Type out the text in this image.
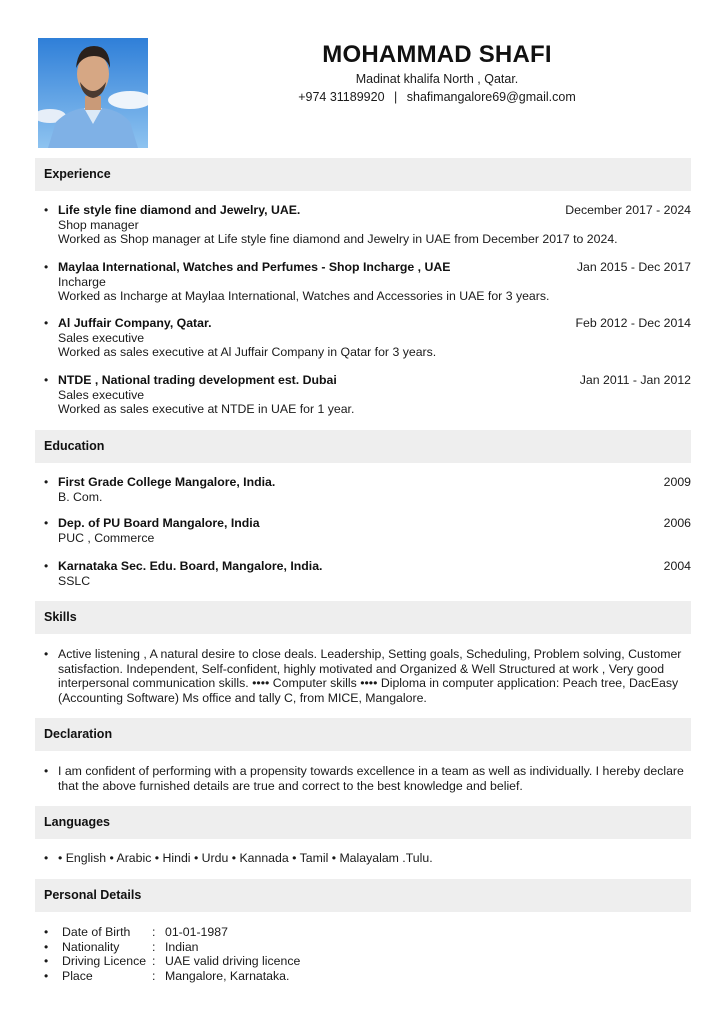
MOHAMMAD SHAFI
Madinat khalifa North , Qatar.
+974 31189920 | shafimangalore69@gmail.com
Experience
•
Life style fine diamond and Jewelry, UAE.
Shop manager
Worked as Shop manager at Life style fine diamond and Jewelry in UAE from December 2017 to 2024.
December 2017 - 2024
•
Maylaa International, Watches and Perfumes - Shop Incharge , UAE
Incharge
Worked as Incharge at Maylaa International, Watches and Accessories in UAE for 3 years.
Jan 2015 - Dec 2017
•
Al Juffair Company, Qatar.
Sales executive
Worked as sales executive at Al Juffair Company in Qatar for 3 years.
Feb 2012 - Dec 2014
•
NTDE , National trading development est. Dubai
Sales executive
Worked as sales executive at NTDE in UAE for 1 year.
Jan 2011 - Jan 2012
Education
•
First Grade College Mangalore, India.
B. Com.
2009
•
Dep. of PU Board Mangalore, India
PUC , Commerce
2006
•
Karnataka Sec. Edu. Board, Mangalore, India.
SSLC
2004
Skills
•
Active listening , A natural desire to close deals. Leadership, Setting goals, Scheduling, Problem solving, Customer satisfaction. Independent, Self-confident, highly motivated and Organized & Well Structured at work , Very good interpersonal communication skills. •••• Computer skills •••• Diploma in computer application: Peach tree, DacEasy (Accounting Software) Ms office and tally C, from MICE, Mangalore.
Declaration
•
I am confident of performing with a propensity towards excellence in a team as well as individually. I hereby declare that the above furnished details are true and correct to the best knowledge and belief.
Languages
•
• English • Arabic • Hindi • Urdu • Kannada • Tamil • Malayalam .Tulu.
Personal Details
•
Date of Birth : 01-01-1987
•
Nationality	: Indian
•
Driving Licence : UAE valid driving licence
•
Place	: Mangalore, Karnataka.
